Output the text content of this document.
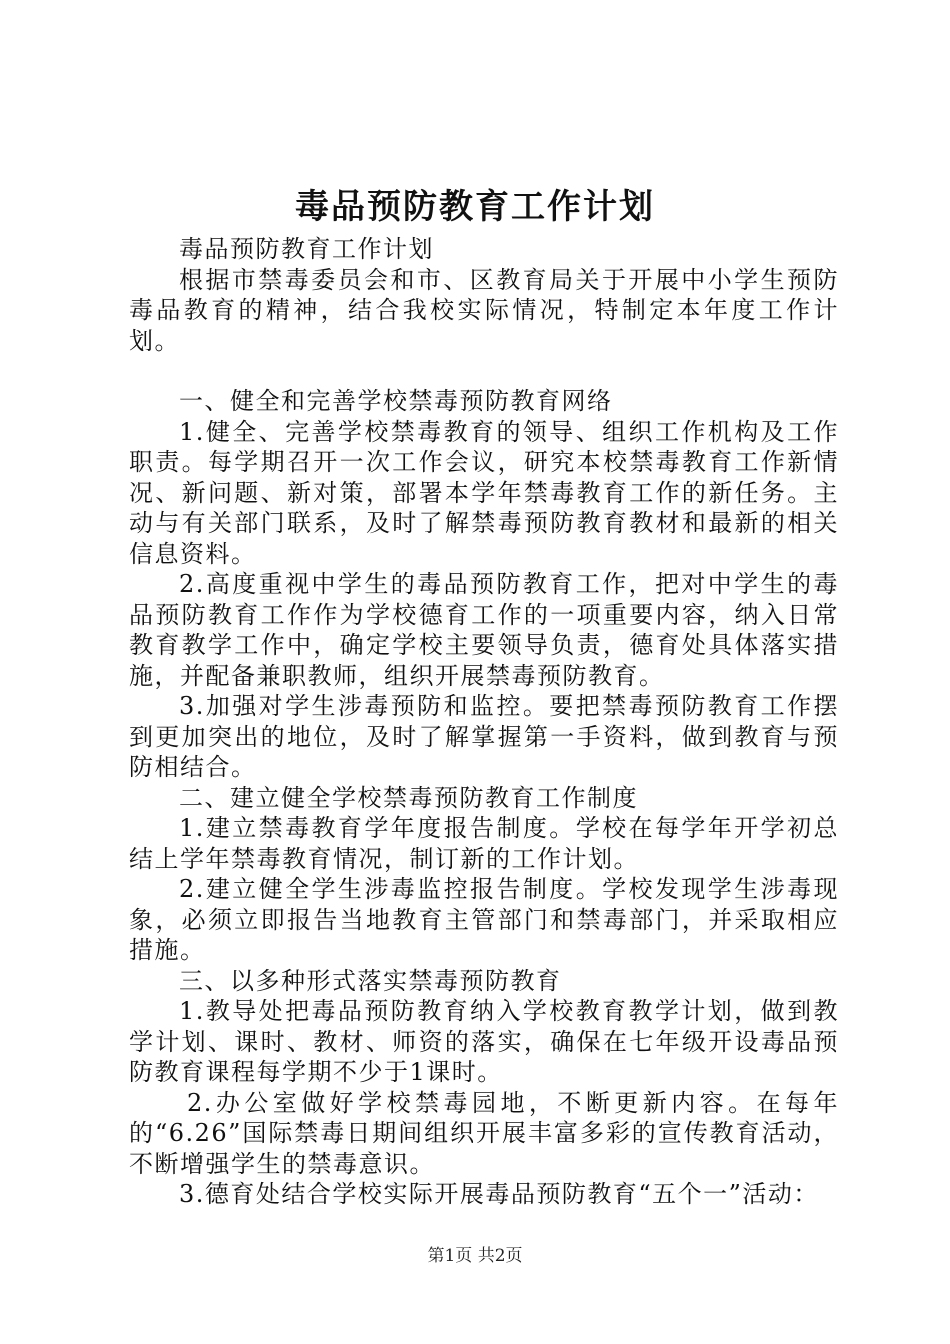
毒品预防教育工作计划

毒品预防教育工作计划

根据市禁毒委员会和市、区教育局关于开展中小学生预防毒品教育的精神，结合我校实际情况，特制定本年度工作计划。

一、健全和完善学校禁毒预防教育网络

1.健全、完善学校禁毒教育的领导、组织工作机构及工作职责。每学期召开一次工作会议，研究本校禁毒教育工作新情况、新问题、新对策，部署本学年禁毒教育工作的新任务。主动与有关部门联系，及时了解禁毒预防教育教材和最新的相关信息资料。

2.高度重视中学生的毒品预防教育工作，把对中学生的毒品预防教育工作作为学校德育工作的一项重要内容，纳入日常教育教学工作中，确定学校主要领导负责，德育处具体落实措施，并配备兼职教师，组织开展禁毒预防教育。

3.加强对学生涉毒预防和监控。要把禁毒预防教育工作摆到更加突出的地位，及时了解掌握第一手资料，做到教育与预防相结合。

二、建立健全学校禁毒预防教育工作制度

1.建立禁毒教育学年度报告制度。学校在每学年开学初总结上学年禁毒教育情况，制订新的工作计划。

2.建立健全学生涉毒监控报告制度。学校发现学生涉毒现象，必须立即报告当地教育主管部门和禁毒部门，并采取相应措施。

三、以多种形式落实禁毒预防教育

1.教导处把毒品预防教育纳入学校教育教学计划，做到教学计划、课时、教材、师资的落实，确保在七年级开设毒品预防教育课程每学期不少于1课时。

2.办公室做好学校禁毒园地，不断更新内容。在每年的“6.26”国际禁毒日期间组织开展丰富多彩的宣传教育活动，不断增强学生的禁毒意识。

3.德育处结合学校实际开展毒品预防教育“五个一”活动：

第1页 共2页
